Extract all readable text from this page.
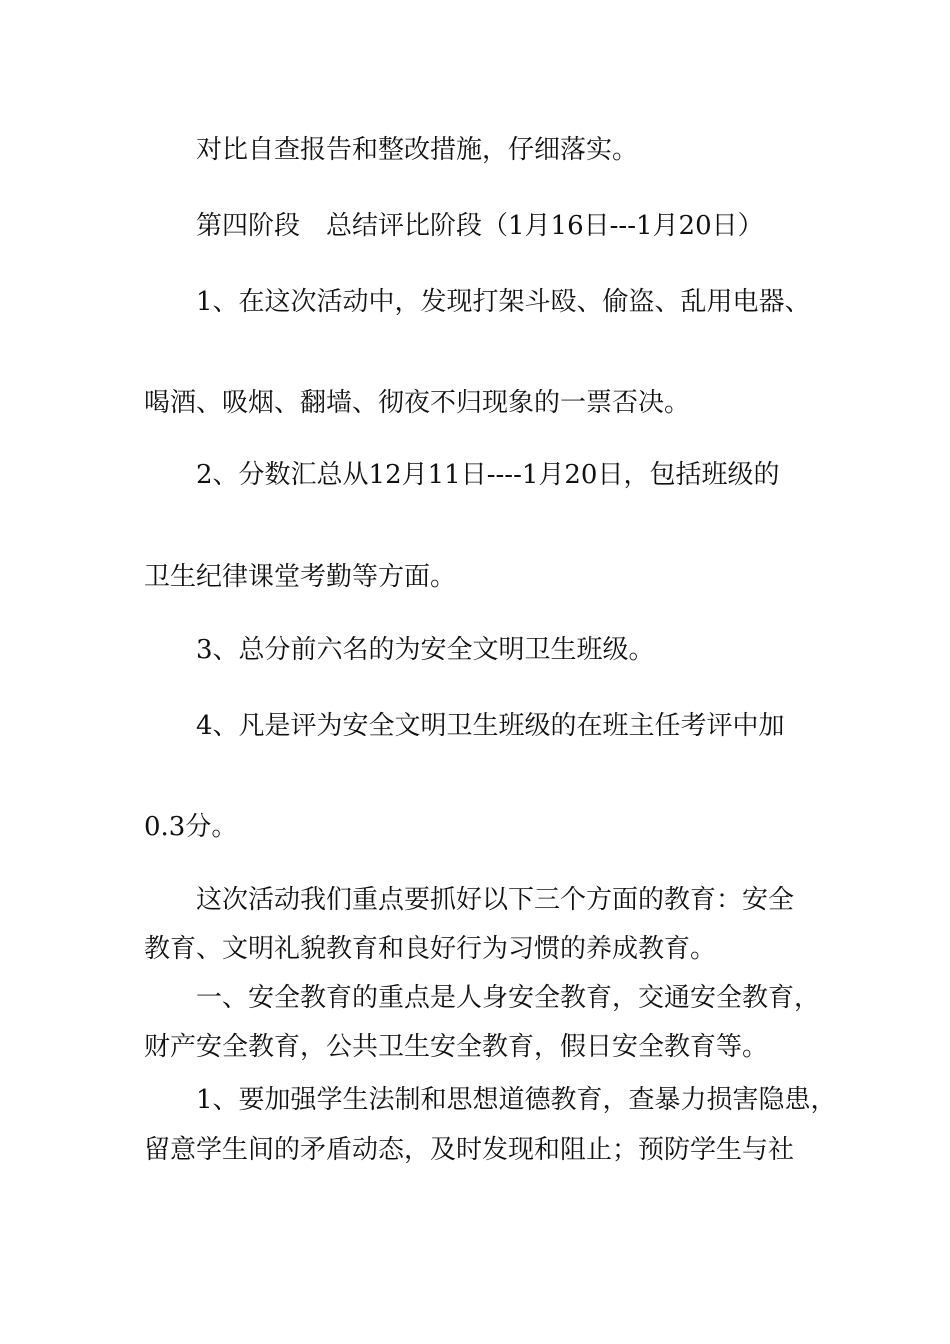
对比自查报告和整改措施，仔细落实。
第四阶段　总结评比阶段（1月16日---1月20日）
1、在这次活动中，发现打架斗殴、偷盗、乱用电器、
喝酒、吸烟、翻墙、彻夜不归现象的一票否决。
2、分数汇总从12月11日----1月20日，包括班级的
卫生纪律课堂考勤等方面。
3、总分前六名的为安全文明卫生班级。
4、凡是评为安全文明卫生班级的在班主任考评中加
0.3分。
这次活动我们重点要抓好以下三个方面的教育：安全
教育、文明礼貌教育和良好行为习惯的养成教育。
一、安全教育的重点是人身安全教育，交通安全教育，
财产安全教育，公共卫生安全教育，假日安全教育等。
1、要加强学生法制和思想道德教育，查暴力损害隐患，
留意学生间的矛盾动态，及时发现和阻止；预防学生与社
